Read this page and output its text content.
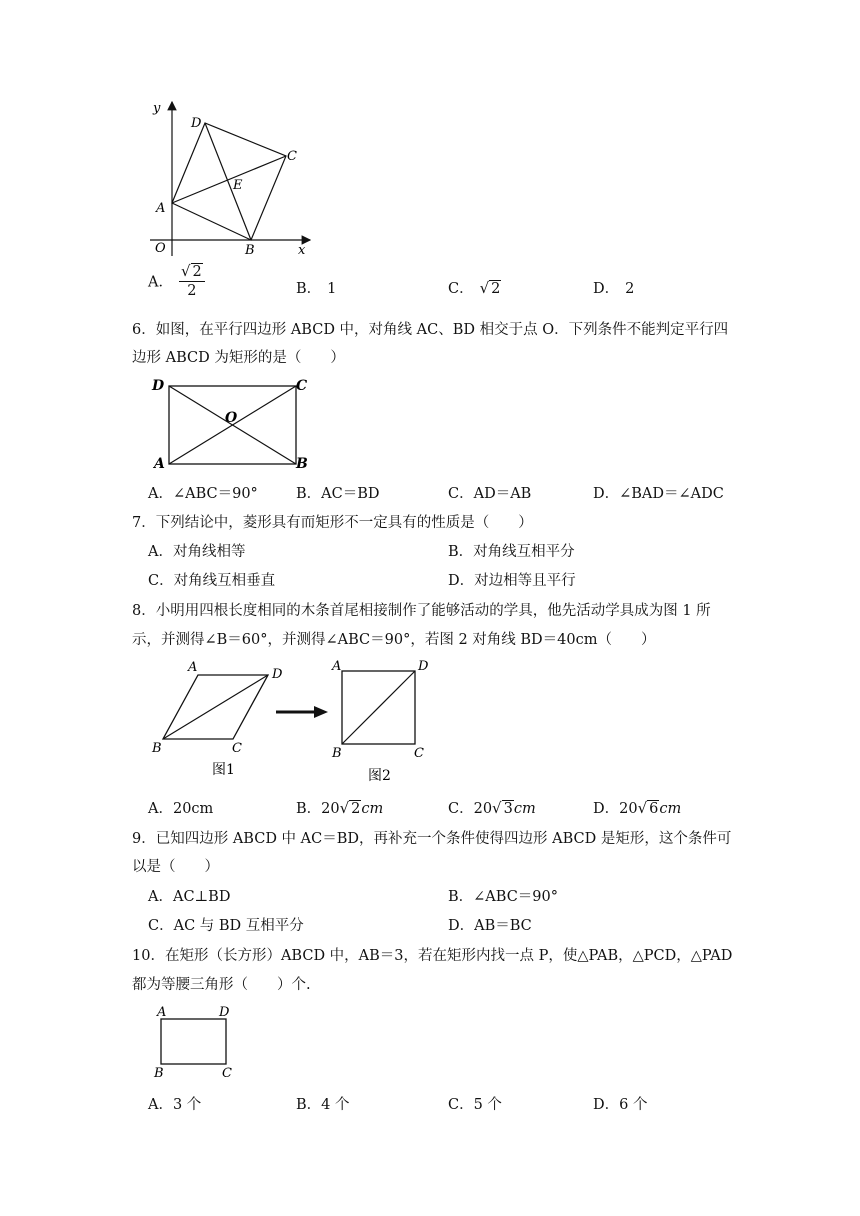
y
x
O
A
B
C
D
E
A． $\frac{√ 2}{2}$	B． 1	C． √ 2	D． 2
6．如图，在平行四边形 ABCD 中，对角线 AC、BD 相交于点 O．下列条件不能判定平行四
边形 ABCD 为矩形的是（　　）
D	C
A	B
O
A．∠ABC＝90°	B．AC＝BD	C．AD＝AB	D．∠BAD＝∠ADC
7．下列结论中，菱形具有而矩形不一定具有的性质是（　　）
A．对角线相等	B．对角线互相平分
C．对角线互相垂直	D．对边相等且平行
8．小明用四根长度相同的木条首尾相接制作了能够活动的学具，他先活动学具成为图 1 所
示，并测得∠B＝60°，并测得∠ABC＝90°，若图 2 对角线 BD＝40cm（　　）
A	D
B	C
图1
A	D
B	C
图2
A．20cm	B．20√ 2cm	C．20√ 3cm	D．20√ 6cm
9．已知四边形 ABCD 中 AC＝BD，再补充一个条件使得四边形 ABCD 是矩形，这个条件可
以是（　　）
A．AC⊥BD	B．∠ABC＝90°
C．AC 与 BD 互相平分	D．AB＝BC
10．在矩形（长方形）ABCD 中，AB＝3，若在矩形内找一点 P，使△PAB，△PCD，△PAD
都为等腰三角形（　　）个.
A	D
B	C
A．3 个	B．4 个	C．5 个	D．6 个
